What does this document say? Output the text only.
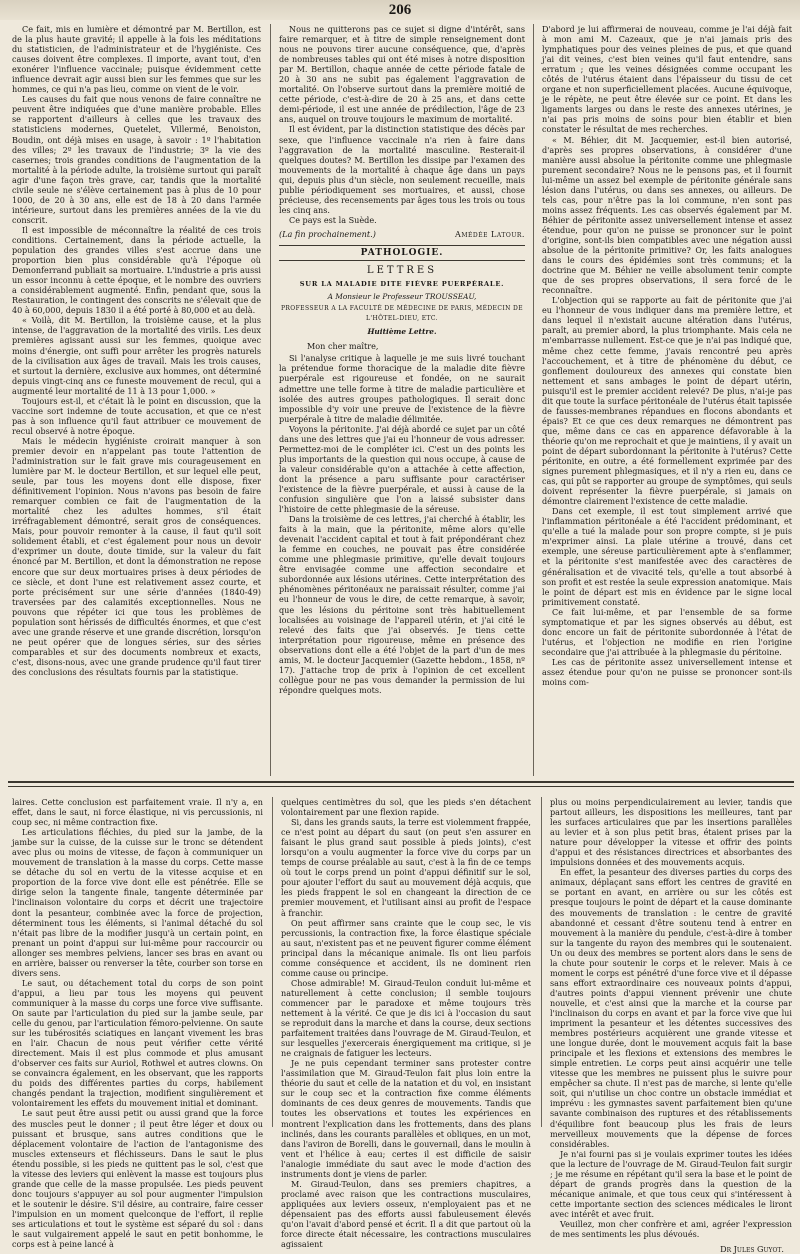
206

Ce fait, mis en lumière et démontré par M. Bertillon, est de la plus haute gravité; il appelle à la fois les méditations du statisticien, de l'administrateur et de l'hygiéniste. Ces causes doivent être complexes. Il importe, avant tout, d'en exonérer l'influence vaccinale; puisque évidemment cette influence devrait agir aussi bien sur les femmes que sur les hommes, ce qui n'a pas lieu, comme on vient de le voir.

Les causes du fait que nous venons de faire connaître ne peuvent être indiquées que d'une manière probable. Elles se rapportent d'ailleurs à celles que les travaux des statisticiens modernes, Quetelet, Villermé, Benoiston, Boudin, ont déjà mises en usage, à savoir : 1º l'habitation des villes; 2º les travaux de l'industrie; 3º la vie des casernes; trois grandes conditions de l'augmentation de la mortalité à la période adulte, la troisième surtout qui paraît agir d'une façon très grave, car, tandis que la mortalité civile seule ne s'élève certainement pas à plus de 10 pour 1000, de 20 à 30 ans, elle est de 18 à 20 dans l'armée intérieure, surtout dans les premières années de la vie du conscrit.

Il est impossible de méconnaître la réalité de ces trois conditions. Certainement, dans la période actuelle, la population des grandes villes s'est accrue dans une proportion bien plus considérable qu'à l'époque où Demonferrand publiait sa mortuaire. L'industrie a pris aussi un essor inconnu à cette époque, et le nombre des ouvriers a considérablement augmenté. Enfin, pendant que, sous la Restauration, le contingent des conscrits ne s'élevait que de 40 à 60,000, depuis 1830 il a été porté à 80,000 et au delà.

« Voilà, dit M. Bertillon, la troisième cause, et la plus intense, de l'aggravation de la mortalité des virils. Les deux premières agissant aussi sur les femmes, quoique avec moins d'énergie, ont suffi pour arrêter les progrès naturels de la civilisation aux âges de travail. Mais les trois causes, et surtout la dernière, exclusive aux hommes, ont déterminé depuis vingt-cinq ans ce funeste mouvement de recul, qui a augmenté leur mortalité de 11 à 13 pour 1,000. »

Toujours est-il, et c'était là le point en discussion, que la vaccine sort indemne de toute accusation, et que ce n'est pas à son influence qu'il faut attribuer ce mouvement de recul observé à notre époque.

Mais le médecin hygiéniste croirait manquer à son premier devoir en n'appelant pas toute l'attention de l'administration sur le fait grave mis courageusement en lumière par M. le docteur Bertillon, et sur lequel elle peut, seule, par tous les moyens dont elle dispose, fixer définitivement l'opinion. Nous n'avons pas besoin de faire remarquer combien ce fait de l'augmentation de la mortalité chez les adultes hommes, s'il était irréfragablement démontré, serait gros de conséquences. Mais, pour pouvoir remonter à la cause, il faut qu'il soit solidement établi, et c'est également pour nous un devoir d'exprimer un doute, doute timide, sur la valeur du fait énoncé par M. Bertillon, et dont la démonstration ne repose encore que sur deux mortuaires prises à deux périodes de ce siècle, et dont l'une est relativement assez courte, et porte précisément sur une série d'années (1840-49) traversées par des calamités exceptionnelles. Nous ne pouvons que répéter ici que tous les problèmes de population sont hérissés de difficultés énormes, et que c'est avec une grande réserve et une grande discrétion, lorsqu'on ne peut opérer que de longues séries, sur des séries comparables et sur des documents nombreux et exacts, c'est, disons-nous, avec une grande prudence qu'il faut tirer des conclusions des résultats fournis par la statistique.

Nous ne quitterons pas ce sujet si digne d'intérêt, sans faire remarquer, et à titre de simple renseignement dont nous ne pouvons tirer aucune conséquence, que, d'après de nombreuses tables qui ont été mises à notre disposition par M. Bertillon, chaque année de cette période fatale de 20 à 30 ans ne subit pas également l'aggravation de mortalité. On l'observe surtout dans la première moitié de cette période, c'est-à-dire de 20 à 25 ans, et dans cette demi-période, il est une année de prédilection, l'âge de 23 ans, auquel on trouve toujours le maximum de mortalité.

Il est évident, par la distinction statistique des décès par sexe, que l'influence vaccinale n'a rien à faire dans l'aggravation de la mortalité masculine. Resterait-il quelques doutes? M. Bertillon les dissipe par l'examen des mouvements de la mortalité à chaque âge dans un pays qui, depuis plus d'un siècle, non seulement recueille, mais publie périodiquement ses mortuaires, et aussi, chose précieuse, des recensements par âges tous les trois ou tous les cinq ans.

Ce pays est la Suède.

(La fin prochainement.)	Amédée Latour.
PATHOLOGIE.
LETTRES
SUR LA MALADIE DITE FIÈVRE PUERPÉRALE.
A Monsieur le Professeur TROUSSEAU,
PROFESSEUR A LA FACULTÉ DE MÉDECINE DE PARIS, MÉDECIN DE L'HÔTEL-DIEU, ETC.
Huitième Lettre.

Mon cher maître,

Si l'analyse critique à laquelle je me suis livré touchant la prétendue forme thoracique de la maladie dite fièvre puerpérale est rigoureuse et fondée, on ne saurait admettre une telle forme à titre de maladie particulière et isolée des autres groupes pathologiques. Il serait donc impossible d'y voir une preuve de l'existence de la fièvre puerpérale à titre de maladie délimitée.

Voyons la péritonite. J'ai déjà abordé ce sujet par un côté dans une des lettres que j'ai eu l'honneur de vous adresser. Permettez-moi de le compléter ici. C'est un des points les plus importants de la question qui nous occupe, à cause de la valeur considérable qu'on a attachée à cette affection, dont la présence a paru suffisante pour caractériser l'existence de la fièvre puerpérale, et aussi à cause de la confusion singulière que l'on a laissé subsister dans l'histoire de cette phlegmasie de la séreuse.

Dans la troisième de ces lettres, j'ai cherché à établir, les faits à la main, que la péritonite, même alors qu'elle devenait l'accident capital et tout à fait prépondérant chez la femme en couches, ne pouvait pas être considérée comme une phlegmasie primitive, qu'elle devait toujours être envisagée comme une affection secondaire et subordonnée aux lésions utérines. Cette interprétation des phénomènes péritonéaux ne paraissait résulter, comme j'ai eu l'honneur de vous le dire, de cette remarque, à savoir, que les lésions du péritoine sont très habituellement localisées au voisinage de l'appareil utérin, et j'ai cité le relevé des faits que j'ai observés. Je tiens cette interprétation pour rigoureuse, même en présence des observations dont elle a été l'objet de la part d'un de mes amis, M. le docteur Jacquemier (Gazette hebdom., 1858, nº 17). J'attache trop de prix à l'opinion de cet excellent collègue pour ne pas vous demander la permission de lui répondre quelques mots.

D'abord je lui affirmerai de nouveau, comme je l'ai déjà fait à mon ami M. Cazeaux, que je n'ai jamais pris des lymphatiques pour des veines pleines de pus, et que quand j'ai dit veines, c'est bien veines qu'il faut entendre, sans erratum ; que les veines désignées comme occupant les côtés de l'utérus étaient dans l'épaisseur du tissu de cet organe et non superficiellement placées. Aucune équivoque, je le répète, ne peut être élevée sur ce point. Et dans les ligaments larges ou dans le reste des annexes utérines, je n'ai pas pris moins de soins pour bien établir et bien constater le résultat de mes recherches.

« M. Béhier, dit M. Jacquemier, est-il bien autorisé, d'après ses propres observations, à considérer d'une manière aussi absolue la péritonite comme une phlegmasie purement secondaire? Nous ne le pensons pas, et il fournit lui-même un assez bel exemple de péritonite générale sans lésion dans l'utérus, ou dans ses annexes, ou ailleurs. De tels cas, pour n'être pas la loi commune, n'en sont pas moins assez fréquents. Les cas observés également par M. Béhier de péritonite assez universellement intense et assez étendue, pour qu'on ne puisse se prononcer sur le point d'origine, sont-ils bien compatibles avec une négation aussi absolue de la péritonite primitive? Or, les faits analogues dans le cours des épidémies sont très communs; et la doctrine que M. Béhier ne veille absolument tenir compte que de ses propres observations, il sera forcé de le reconnaître.

L'objection qui se rapporte au fait de péritonite que j'ai eu l'honneur de vous indiquer dans ma première lettre, et dans lequel il n'existait aucune altération dans l'utérus, paraît, au premier abord, la plus triomphante. Mais cela ne m'embarrasse nullement. Est-ce que je n'ai pas indiqué que, même chez cette femme, j'avais rencontré peu après l'accouchement, et à titre de phénomène du début, ce gonflement douloureux des annexes qui constate bien nettement et sans ambages le point de départ utérin, puisqu'il est le premier accident relevé? De plus, n'ai-je pas dit que toute la surface péritonéale de l'utérus était tapissée de fausses-membranes répandues en flocons abondants et épais? Et ce que ces deux remarques ne démontrent pas que, même dans ce cas en apparence défavorable à la théorie qu'on me reprochait et que je maintiens, il y avait un point de départ subordonnant la péritonite à l'utérus? Cette péritonite, en outre, a été formellement exprimée par des signes purement phlegmasiques, et il n'y a rien eu, dans ce cas, qui pût se rapporter au groupe de symptômes, qui seuls doivent représenter la fièvre puerpérale, si jamais on démontre clairement l'existence de cette maladie.

Dans cet exemple, il est tout simplement arrivé que l'inflammation péritonéale a été l'accident prédominant, et qu'elle a tué la malade pour son propre compte, si je puis m'exprimer ainsi. La plaie utérine a trouvé, dans cet exemple, une séreuse particulièrement apte à s'enflammer, et la péritonite s'est manifestée avec des caractères de généralisation et de vivacité tels, qu'elle a tout absorbé à son profit et est restée la seule expression anatomique. Mais le point de départ est mis en évidence par le signe local primitivement constaté.

Ce fait lui-même, et par l'ensemble de sa forme symptomatique et par les signes observés au début, est donc encore un fait de péritonite subordonnée à l'état de l'utérus, et l'objection ne modifie en rien l'origine secondaire que j'ai attribuée à la phlegmasie du péritoine.

Les cas de péritonite assez universellement intense et assez étendue pour qu'on ne puisse se prononcer sont-ils moins com-

laires. Cette conclusion est parfaitement vraie. Il n'y a, en effet, dans le saut, ni force élastique, ni vis percussionis, ni coup sec, ni même contraction fixe.

Les articulations fléchies, du pied sur la jambe, de la jambe sur la cuisse, de la cuisse sur le tronc se détendent avec plus ou moins de vitesse, de façon à communiquer un mouvement de translation à la masse du corps. Cette masse se détache du sol en vertu de la vitesse acquise et en proportion de la force vive dont elle est pénétrée. Elle se dirige selon la tangente finale, tangente déterminée par l'inclinaison volontaire du corps et décrit une trajectoire dont la pesanteur, combinée avec la force de projection, déterminent tous les éléments, si l'animal détaché du sol n'était pas libre de la modifier jusqu'à un certain point, en prenant un point d'appui sur lui-même pour raccourcir ou allonger ses membres pelviens, lancer ses bras en avant ou en arrière, baisser ou renverser la tête, courber son torse en divers sens.

Le saut, ou détachement total du corps de son point d'appui, a lieu par tous les moyens qui peuvent communiquer à la masse du corps une force vive suffisante. On saute par l'articulation du pied sur la jambe seule, par celle du genou, par l'articulation fémoro-pelvienne. On saute sur les tubérosités sciatiques en lançant vivement les bras en l'air. Chacun de nous peut vérifier cette vérité directement. Mais il est plus commode et plus amusant d'observer ces faits sur Auriol, Rothwel et autres clowns. On se convaincra également, en les observant, que les rapports du poids des différentes parties du corps, habilement changés pendant la trajection, modifient singulièrement et volontairement les effets du mouvement initial et dominant.

Le saut peut être aussi petit ou aussi grand que la force des muscles peut le donner ; il peut être léger et doux ou puissant et brusque, sans autres conditions que le déplacement volontaire de l'action de l'antagonisme des muscles extenseurs et fléchisseurs. Dans le saut le plus étendu possible, si les pieds ne quittent pas le sol, c'est que la vitesse des leviers qui enlèvent la masse est toujours plus grande que celle de la masse propulsée. Les pieds peuvent donc toujours s'appuyer au sol pour augmenter l'impulsion et le soutenir le désire. S'il désire, au contraire, faire cesser l'impulsion en un moment quelconque de l'effort, il replie ses articulations et tout le système est séparé du sol : dans le saut vulgairement appelé le saut en petit bonhomme, le corps est à peine lancé à

quelques centimètres du sol, que les pieds s'en détachent volontairement par une flexion rapide.

Si, dans les grands sauts, la terre est violemment frappée, ce n'est point au départ du saut (on peut s'en assurer en faisant le plus grand saut possible à pieds joints), c'est lorsqu'on a voulu augmenter la force vive du corps par un temps de course préalable au saut, c'est à la fin de ce temps où tout le corps prend un point d'appui définitif sur le sol, pour ajouter l'effort du saut au mouvement déjà acquis, que les pieds frappent le sol en changeant la direction de ce premier mouvement, et l'utilisant ainsi au profit de l'espace à franchir.

On peut affirmer sans crainte que le coup sec, le vis percussionis, la contraction fixe, la force élastique spéciale au saut, n'existent pas et ne peuvent figurer comme élément principal dans la mécanique animale. Ils ont lieu parfois comme conséquence et accident, ils ne dominent rien comme cause ou principe.

Chose admirable! M. Giraud-Teulon conduit lui-même et naturellement à cette conclusion; il semble toujours commencer par le paradoxe et même toujours très nettement à la vérité. Ce que je dis ici à l'occasion du saut se reproduit dans la marche et dans la course, deux sections parfaitement traitées dans l'ouvrage de M. Giraud-Teulon, et sur lesquelles j'exercerais énergiquement ma critique, si je ne craignais de fatiguer les lecteurs.

Je ne puis cependant terminer sans protester contre l'assimilation que M. Giraud-Teulon fait plus loin entre la théorie du saut et celle de la natation et du vol, en insistant sur le coup sec et la contraction fixe comme éléments dominants de ces deux genres de mouvements. Tandis que toutes les observations et toutes les expériences en montrent l'explication dans les frottements, dans des plans inclinés, dans les courants parallèles et obliques, en un mot, dans l'aviron de Borelli, dans le gouvernail, dans le moulin à vent et l'hélice à eau; certes il est difficile de saisir l'analogie immédiate du saut avec le mode d'action des instruments dont je viens de parler.

M. Giraud-Teulon, dans ses premiers chapitres, a proclamé avec raison que les contractions musculaires, appliquées aux leviers osseux, n'employaient pas et ne dépensaient pas des efforts aussi fabuleusement élevés qu'on l'avait d'abord pensé et écrit. Il a dit que partout où la force directe était nécessaire, les contractions musculaires agissaient

plus ou moins perpendiculairement au levier, tandis que partout ailleurs, les dispositions les meilleures, tant par les surfaces articulaires que par les insertions parallèles au levier et à son plus petit bras, étaient prises par la nature pour développer la vitesse et offrir des points d'appui et des résistances directrices et absorbantes des impulsions données et des mouvements acquis.

En effet, la pesanteur des diverses parties du corps des animaux, déplaçant sans effort les centres de gravité en se portant en avant, en arrière ou sur les côtés est presque toujours le point de départ et la cause dominante des mouvements de translation : le centre de gravité abandonné et cessant d'être soutenu tend à entrer en mouvement à la manière du pendule, c'est-à-dire à tomber sur la tangente du rayon des membres qui le soutenaient. Un ou deux des membres se portent alors dans le sens de la chute pour soutenir le corps et le relever. Mais à ce moment le corps est pénétré d'une force vive et il dépasse sans effort extraordinaire ces nouveaux points d'appui, d'autres points d'appui viennent prévenir une chute nouvelle, et c'est ainsi que la marche et la course par l'inclinaison du corps en avant et par la force vive que lui impriment la pesanteur et les détentes successives des membres postérieurs acquièrent une grande vitesse et une longue durée, dont le mouvement acquis fait la base principale et les flexions et extensions des membres le simple entretien. Le corps peut ainsi acquérir une telle vitesse que les membres ne puissent plus le suivre pour empêcher sa chute. Il n'est pas de marche, si lente qu'elle soit, qui n'utilise un choc contre un obstacle immédiat et imprévu : les gymnastes savent parfaitement bien qu'une savante combinaison des ruptures et des rétablissements d'équilibre font beaucoup plus les frais de leurs merveilleux mouvements que la dépense de forces considérables.

Je n'ai fourni pas si je voulais exprimer toutes les idées que la lecture de l'ouvrage de M. Giraud-Teulon fait surgir ; je me résume en répétant qu'il sera la base et le point de départ de grands progrès dans la question de la mécanique animale, et que tous ceux qui s'intéressent à cette importante section des sciences médicales le liront avec intérêt et avec fruit.

Veuillez, mon cher confrère et ami, agréer l'expression de mes sentiments les plus dévoués.

Dr Jules Guyot.
